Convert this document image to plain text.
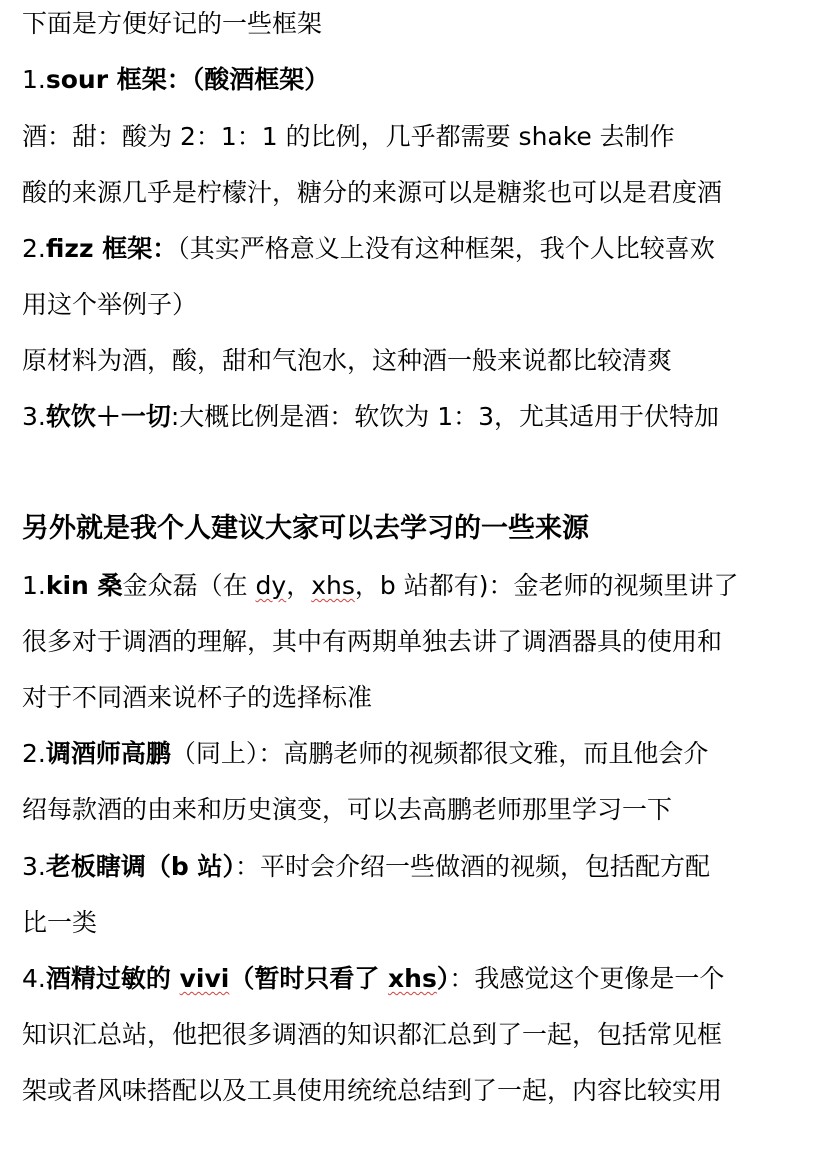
下面是方便好记的一些框架
1.sour 框架：（酸酒框架）
酒：甜：酸为 2：1：1 的比例，几乎都需要 shake 去制作
酸的来源几乎是柠檬汁，糖分的来源可以是糖浆也可以是君度酒
2.fizz 框架：（其实严格意义上没有这种框架，我个人比较喜欢
用这个举例子）
原材料为酒，酸，甜和气泡水，这种酒一般来说都比较清爽
3.软饮＋一切:大概比例是酒：软饮为 1：3，尤其适用于伏特加
另外就是我个人建议大家可以去学习的一些来源
1.kin 桑金众磊（在 dy，xhs，b 站都有)：金老师的视频里讲了
很多对于调酒的理解，其中有两期单独去讲了调酒器具的使用和
对于不同酒来说杯子的选择标准
2.调酒师高鹏（同上）：高鹏老师的视频都很文雅，而且他会介
绍每款酒的由来和历史演变，可以去高鹏老师那里学习一下
3.老板瞎调（b 站）：平时会介绍一些做酒的视频，包括配方配
比一类
4.酒精过敏的 vivi（暂时只看了 xhs）：我感觉这个更像是一个
知识汇总站，他把很多调酒的知识都汇总到了一起，包括常见框
架或者风味搭配以及工具使用统统总结到了一起，内容比较实用
